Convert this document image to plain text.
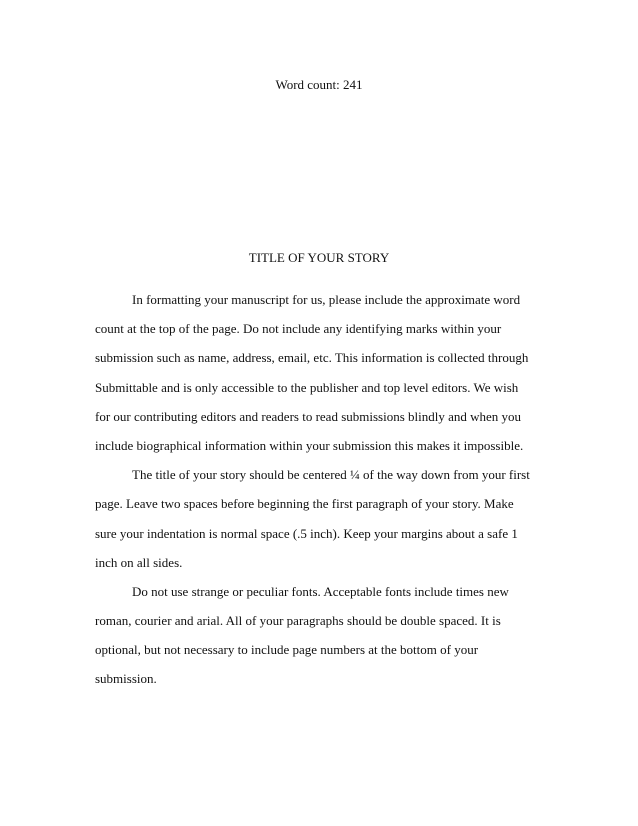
Word count: 241
TITLE OF YOUR STORY
In formatting your manuscript for us, please include the approximate word
count at the top of the page. Do not include any identifying marks within your
submission such as name, address, email, etc. This information is collected through
Submittable and is only accessible to the publisher and top level editors. We wish
for our contributing editors and readers to read submissions blindly and when you
include biographical information within your submission this makes it impossible.
The title of your story should be centered ¼ of the way down from your first
page. Leave two spaces before beginning the first paragraph of your story. Make
sure your indentation is normal space (.5 inch). Keep your margins about a safe 1
inch on all sides.
Do not use strange or peculiar fonts. Acceptable fonts include times new
roman, courier and arial. All of your paragraphs should be double spaced. It is
optional, but not necessary to include page numbers at the bottom of your
submission.
